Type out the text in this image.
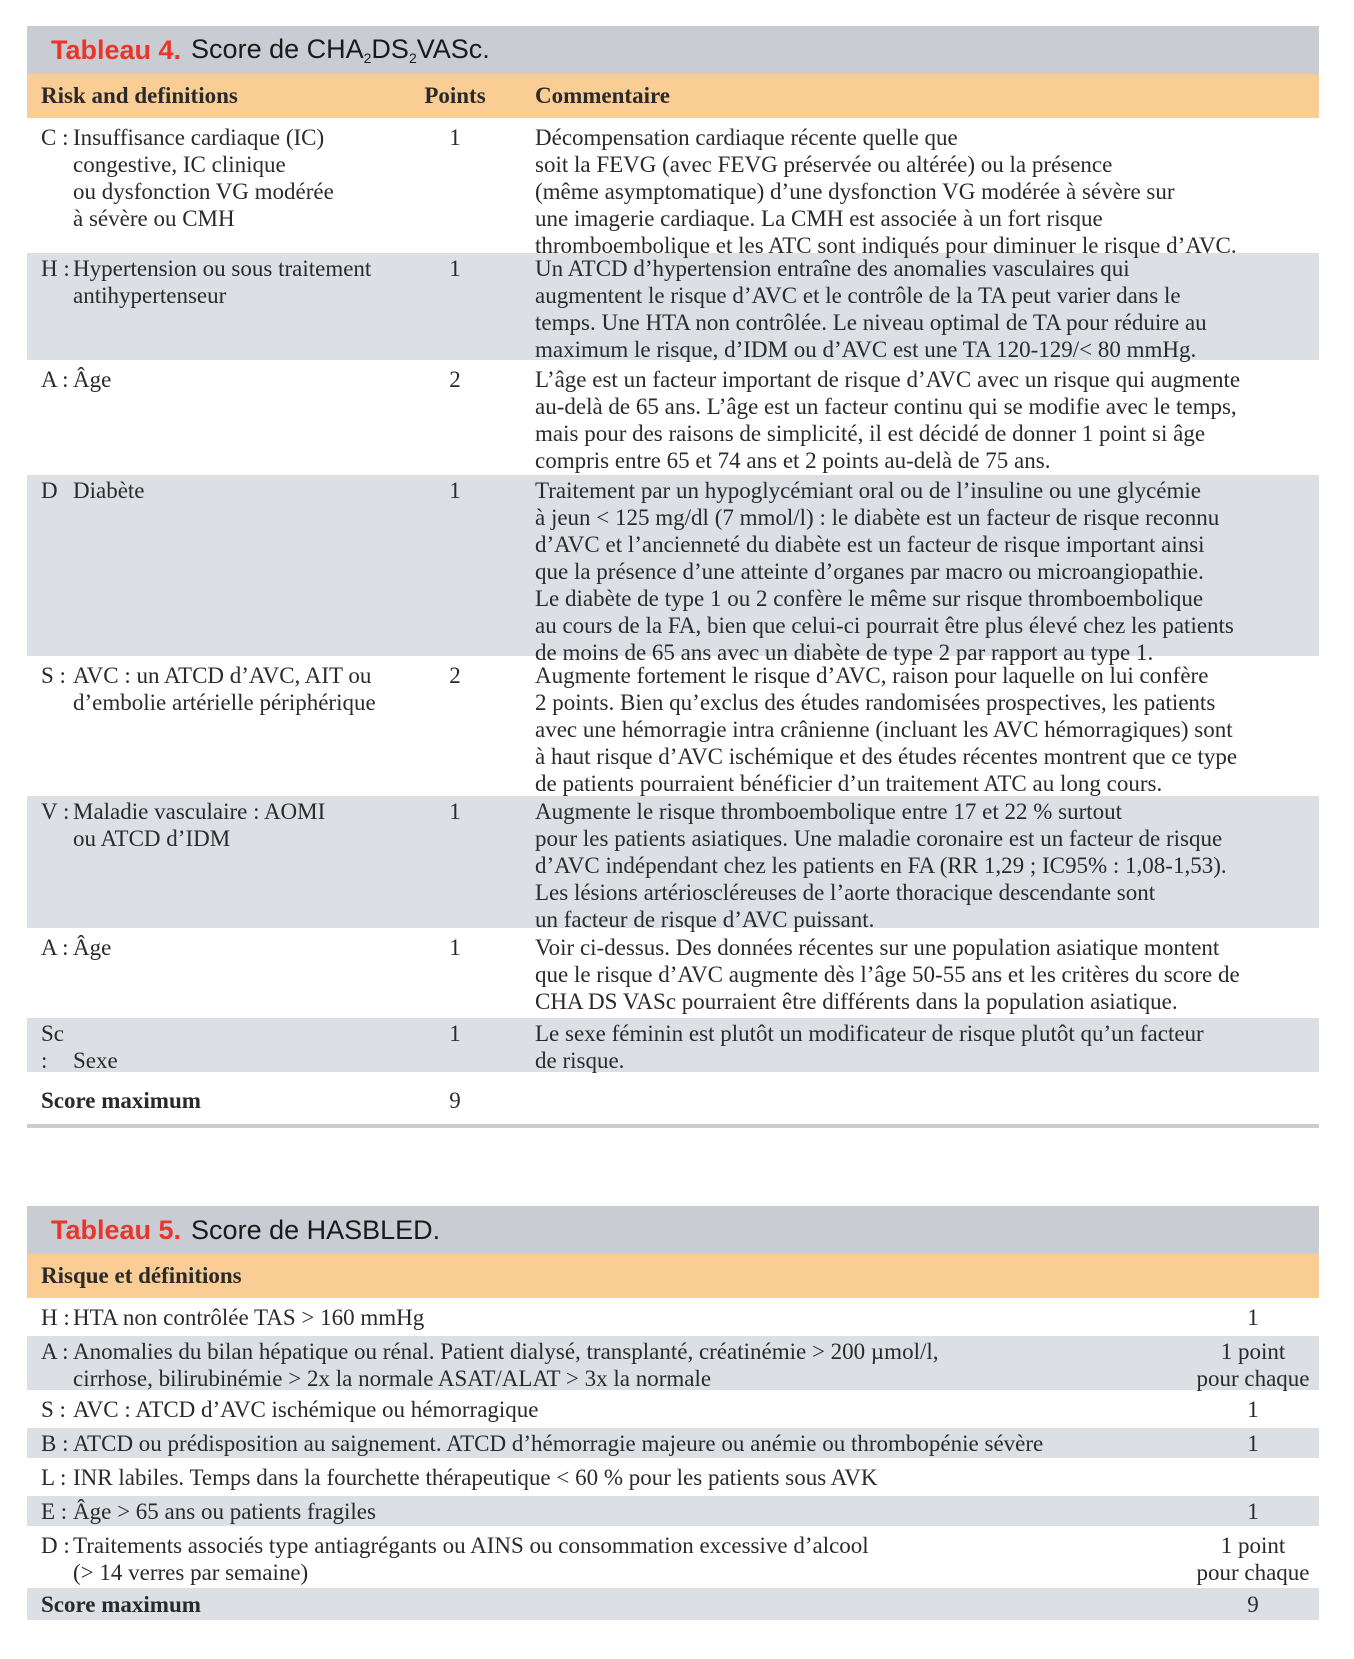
Tableau 4. Score de $CHA_2DS_2VASc$.
Risk and definitions	Points	Commentaire
C : Insuffisance cardiaque (IC)
congestive, IC clinique
ou dysfonction VG modérée
à sévère ou CMH
1	Décompensation cardiaque récente quelle que
soit la FEVG (avec FEVG préservée ou altérée) ou la présence
(même asymptomatique) d’une dysfonction VG modérée à sévère sur
une imagerie cardiaque. La CMH est associée à un fort risque
thromboembolique et les ATC sont indiqués pour diminuer le risque d’AVC.
H : Hypertension ou sous traitement
antihypertenseur
1	Un ATCD d’hypertension entraîne des anomalies vasculaires qui
augmentent le risque d’AVC et le contrôle de la TA peut varier dans le
temps. Une HTA non contrôlée. Le niveau optimal de TA pour réduire au
maximum le risque, d’IDM ou d’AVC est une TA 120-129/< 80 mmHg.
A : Âge	2	L’âge est un facteur important de risque d’AVC avec un risque qui augmente
au-delà de 65 ans. L’âge est un facteur continu qui se modifie avec le temps,
mais pour des raisons de simplicité, il est décidé de donner 1 point si âge
compris entre 65 et 74 ans et 2 points au-delà de 75 ans.
D Diabète	1	Traitement par un hypoglycémiant oral ou de l’insuline ou une glycémie
à jeun < 125 mg/dl (7 mmol/l) : le diabète est un facteur de risque reconnu
d’AVC et l’ancienneté du diabète est un facteur de risque important ainsi
que la présence d’une atteinte d’organes par macro ou microangiopathie.
Le diabète de type 1 ou 2 confère le même sur risque thromboembolique
au cours de la FA, bien que celui-ci pourrait être plus élevé chez les patients
de moins de 65 ans avec un diabète de type 2 par rapport au type 1.
S : AVC : un ATCD d’AVC, AIT ou
d’embolie artérielle périphérique
2	Augmente fortement le risque d’AVC, raison pour laquelle on lui confère
2 points. Bien qu’exclus des études randomisées prospectives, les patients
avec une hémorragie intra crânienne (incluant les AVC hémorragiques) sont
à haut risque d’AVC ischémique et des études récentes montrent que ce type
de patients pourraient bénéficier d’un traitement ATC au long cours.
V : Maladie vasculaire : AOMI
ou ATCD d’IDM
1	Augmente le risque thromboembolique entre 17 et 22 % surtout
pour les patients asiatiques. Une maladie coronaire est un facteur de risque
d’AVC indépendant chez les patients en FA (RR 1,29 ; IC95% : 1,08-1,53).
Les lésions artérioscléreuses de l’aorte thoracique descendante sont
un facteur de risque d’AVC puissant.
A : Âge	1	Voir ci-dessus. Des données récentes sur une population asiatique montent
que le risque d’AVC augmente dès l’âge 50-55 ans et les critères du score de
CHA DS VASc pourraient être différents dans la population asiatique.
Sc : Sexe
1	Le sexe féminin est plutôt un modificateur de risque plutôt qu’un facteur
de risque.
Score maximum	9
Tableau 5. Score de HASBLED.
Risque et définitions
H : HTA non contrôlée TAS > 160 mmHg	1
A : Anomalies du bilan hépatique ou rénal. Patient dialysé, transplanté, créatinémie > 200 µmol/l,
cirrhose, bilirubinémie > 2x la normale ASAT/ALAT > 3x la normale
1 point
pour chaque
S : AVC : ATCD d’AVC ischémique ou hémorragique	1
B : ATCD ou prédisposition au saignement. ATCD d’hémorragie majeure ou anémie ou thrombopénie sévère	1
L : INR labiles. Temps dans la fourchette thérapeutique < 60 % pour les patients sous AVK
E : Âge > 65 ans ou patients fragiles	1
D : Traitements associés type antiagrégants ou AINS ou consommation excessive d’alcool
(> 14 verres par semaine)
1 point
pour chaque
Score maximum	9
